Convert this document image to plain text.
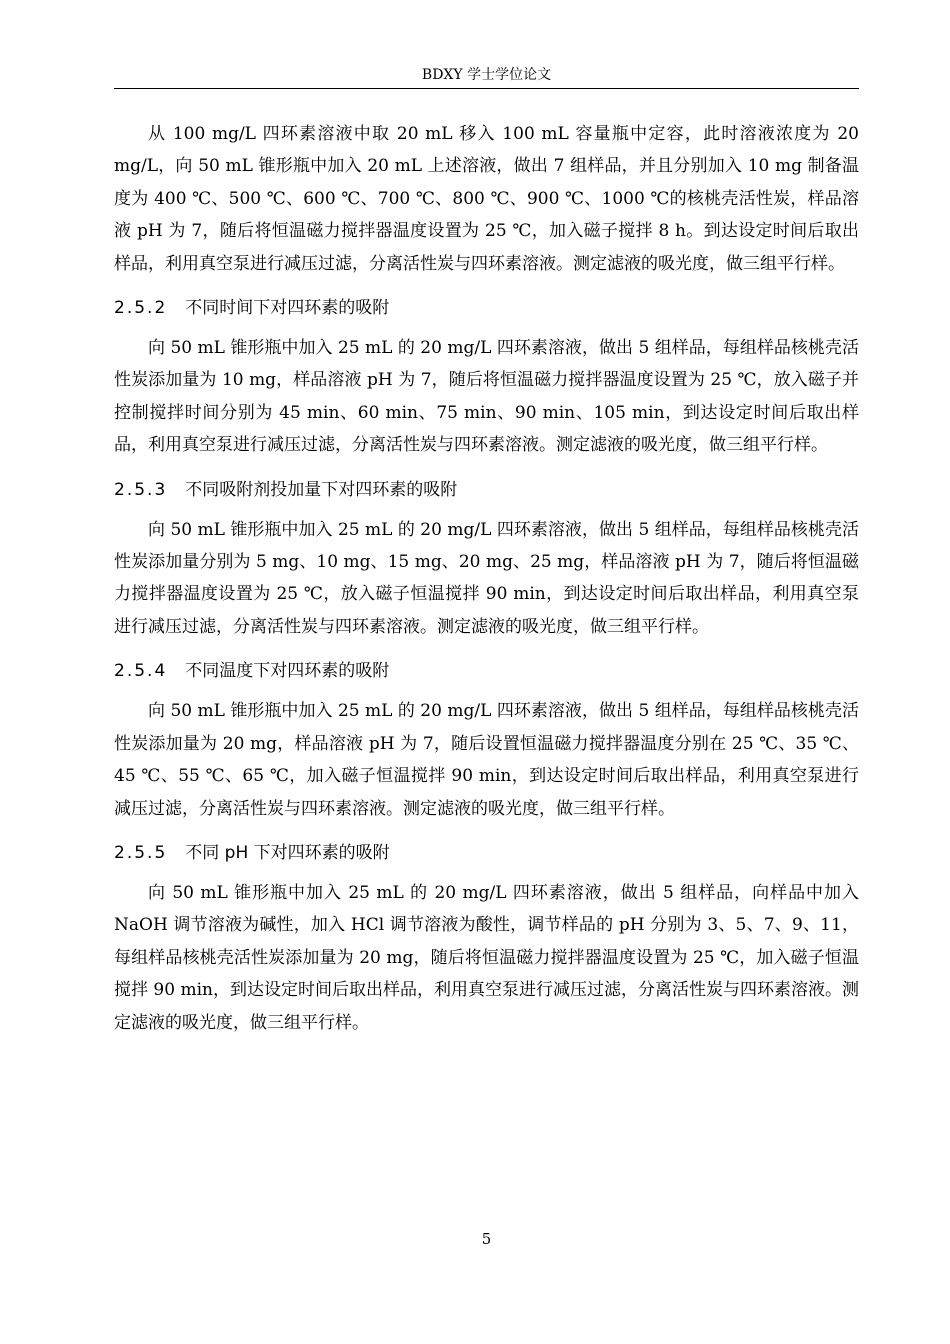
BDXY 学士学位论文

从 100 mg/L 四环素溶液中取 20 mL 移入 100 mL 容量瓶中定容，此时溶液浓度为 20 mg/L，向 50 mL 锥形瓶中加入 20 mL 上述溶液，做出 7 组样品，并且分别加入 10 mg 制备温度为 400 ℃、500 ℃、600 ℃、700 ℃、800 ℃、900 ℃、1000 ℃的核桃壳活性炭，样品溶液 pH 为 7，随后将恒温磁力搅拌器温度设置为 25 ℃，加入磁子搅拌 8 h。到达设定时间后取出样品，利用真空泵进行减压过滤，分离活性炭与四环素溶液。测定滤液的吸光度，做三组平行样。

2.5.2 不同时间下对四环素的吸附

向 50 mL 锥形瓶中加入 25 mL 的 20 mg/L 四环素溶液，做出 5 组样品，每组样品核桃壳活性炭添加量为 10 mg，样品溶液 pH 为 7，随后将恒温磁力搅拌器温度设置为 25 ℃，放入磁子并控制搅拌时间分别为 45 min、60 min、75 min、90 min、105 min，到达设定时间后取出样品，利用真空泵进行减压过滤，分离活性炭与四环素溶液。测定滤液的吸光度，做三组平行样。

2.5.3 不同吸附剂投加量下对四环素的吸附

向 50 mL 锥形瓶中加入 25 mL 的 20 mg/L 四环素溶液，做出 5 组样品，每组样品核桃壳活性炭添加量分别为 5 mg、10 mg、15 mg、20 mg、25 mg，样品溶液 pH 为 7，随后将恒温磁力搅拌器温度设置为 25 ℃，放入磁子恒温搅拌 90 min，到达设定时间后取出样品，利用真空泵进行减压过滤，分离活性炭与四环素溶液。测定滤液的吸光度，做三组平行样。

2.5.4 不同温度下对四环素的吸附

向 50 mL 锥形瓶中加入 25 mL 的 20 mg/L 四环素溶液，做出 5 组样品，每组样品核桃壳活性炭添加量为 20 mg，样品溶液 pH 为 7，随后设置恒温磁力搅拌器温度分别在 25 ℃、35 ℃、45 ℃、55 ℃、65 ℃，加入磁子恒温搅拌 90 min，到达设定时间后取出样品，利用真空泵进行减压过滤，分离活性炭与四环素溶液。测定滤液的吸光度，做三组平行样。

2.5.5 不同 pH 下对四环素的吸附

向 50 mL 锥形瓶中加入 25 mL 的 20 mg/L 四环素溶液，做出 5 组样品，向样品中加入 NaOH 调节溶液为碱性，加入 HCl 调节溶液为酸性，调节样品的 pH 分别为 3、5、7、9、11，每组样品核桃壳活性炭添加量为 20 mg，随后将恒温磁力搅拌器温度设置为 25 ℃，加入磁子恒温搅拌 90 min，到达设定时间后取出样品，利用真空泵进行减压过滤，分离活性炭与四环素溶液。测定滤液的吸光度，做三组平行样。

5
